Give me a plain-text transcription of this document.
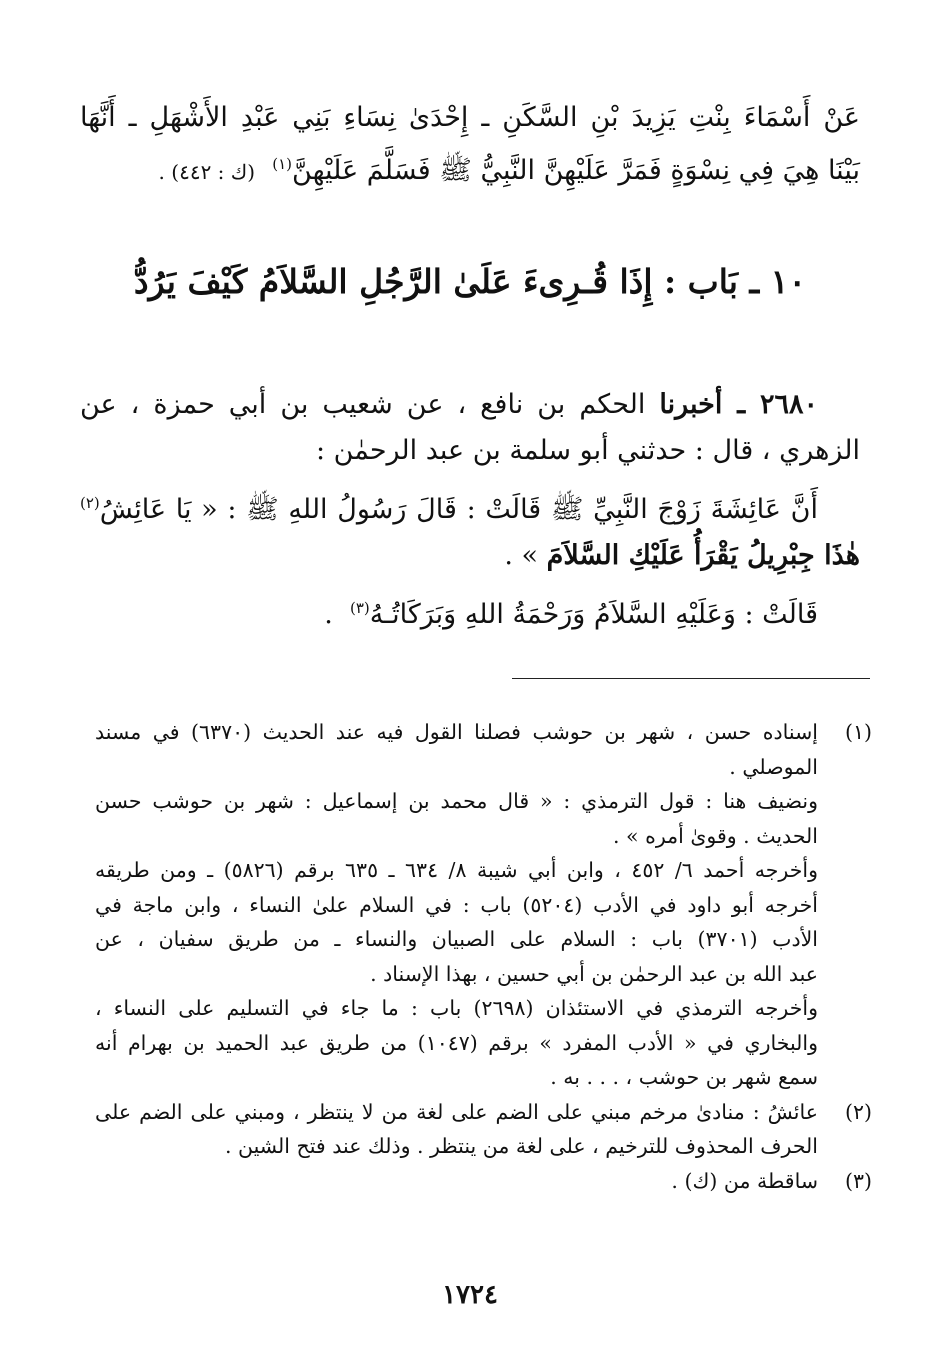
عَنْ أَسْمَاءَ بِنْتِ يَزِيدَ بْنِ السَّكَنِ ـ إِحْدَىٰ نِسَاءِ بَنِي عَبْدِ الأَشْهَلِ ـ أَنَّهَا
بَيْنَا هِيَ فِي نِسْوَةٍ فَمَرَّ عَلَيْهِنَّ النَّبِيُّ ﷺ فَسَلَّمَ عَلَيْهِنَّ$^{(١)}$  (ك : ٤٤٢) .
١٠ ـ بَاب : إِذَا قُـرِىءَ عَلَىٰ الرَّجُلِ السَّلاَمُ كَيْفَ يَرُدُّ
٢٦٨٠ ـ أخبرنا الحكم بن نافع ، عن شعيب بن أبي حمزة ، عن
الزهري ، قال : حدثني أبو سلمة بن عبد الرحمٰن :
أَنَّ عَائِشَةَ زَوْجَ النَّبِيِّ ﷺ قَالَتْ : قَالَ رَسُولُ اللهِ ﷺ : « يَا عَائِشُ$^{(٢)}$
هٰذَا جِبْرِيلُ يَقْرَأُ عَلَيْكِ السَّلاَمَ » .
قَالَتْ : وَعَلَيْهِ السَّلاَمُ وَرَحْمَةُ اللهِ وَبَرَكَاتُـهُ$^{(٣)}$  .
(١)
إسناده حسن ، شهر بن حوشب فصلنا القول فيه عند الحديث (٦٣٧٠) في مسند
الموصلي .
ونضيف هنا : قول الترمذي : « قال محمد بن إسماعيل : شهر بن حوشب حسن
الحديث . وقوىٰ أمره » .
وأخرجه أحمد ٦/ ٤٥٢ ، وابن أبي شيبة ٨/ ٦٣٤ ـ ٦٣٥ برقم (٥٨٢٦) ـ ومن طريقه
أخرجه أبو داود في الأدب (٥٢٠٤) باب : في السلام علىٰ النساء ، وابن ماجة في
الأدب (٣٧٠١) باب : السلام على الصبيان والنساء ـ من طريق سفيان ، عن
عبد الله بن عبد الرحمٰن بن أبي حسين ، بهذا الإسناد .
وأخرجه الترمذي في الاستئذان (٢٦٩٨) باب : ما جاء في التسليم على النساء ،
والبخاري في « الأدب المفرد » برقم (١٠٤٧) من طريق عبد الحميد بن بهرام أنه
سمع شهر بن حوشب ، . . . به .
(٢)
عائشُ : منادىٰ مرخم مبني على الضم على لغة من لا ينتظر ، ومبني على الضم على
الحرف المحذوف للترخيم ، على لغة من ينتظر . وذلك عند فتح الشين .
(٣)
ساقطة من (ك) .
١٧٢٤
